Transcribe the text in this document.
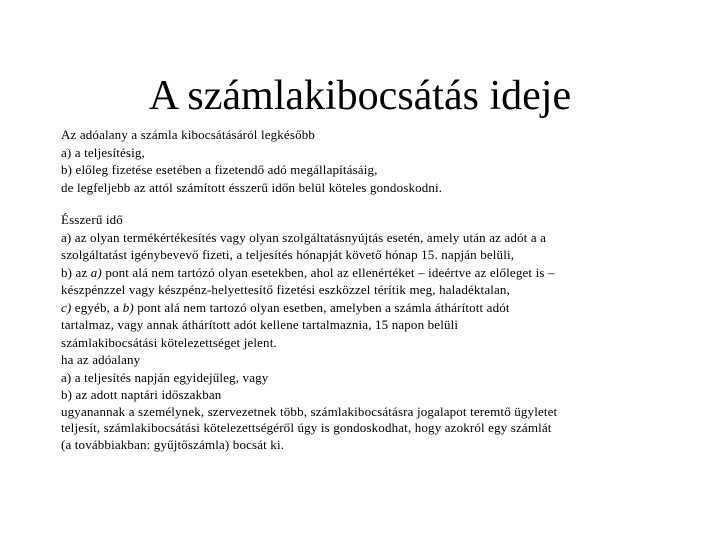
A számlakibocsátás ideje
Az adóalany a számla kibocsátásáról legkésőbb
a) a teljesítésig,
b) előleg fizetése esetében a fizetendő adó megállapításáig,
de legfeljebb az attól számított ésszerű időn belül köteles gondoskodni.
Ésszerű idő
a) az olyan termékértékesítés vagy olyan szolgáltatásnyújtás esetén, amely után az adót a a
szolgáltatást igénybevevő fizeti, a teljesítés hónapját követő hónap 15. napján belüli,
b) az a) pont alá nem tartózó olyan esetekben, ahol az ellenértéket – ideértve az előleget is –
készpénzzel vagy készpénz-helyettesítő fizetési eszközzel térítik meg, haladéktalan,
c) egyéb, a b) pont alá nem tartozó olyan esetben, amelyben a számla áthárított adót
tartalmaz, vagy annak áthárított adót kellene tartalmaznia, 15 napon belüli
számlakibocsátási kötelezettséget jelent.
ha az adóalany
a) a teljesítés napján egyidejűleg, vagy
b) az adott naptári időszakban
ugyanannak a személynek, szervezetnek több, számlakibocsátásra jogalapot teremtő ügyletet
teljesít, számlakibocsátási kötelezettségéről úgy is gondoskodhat, hogy azokról egy számlát
(a továbbiakban: gyűjtőszámla) bocsát ki.
